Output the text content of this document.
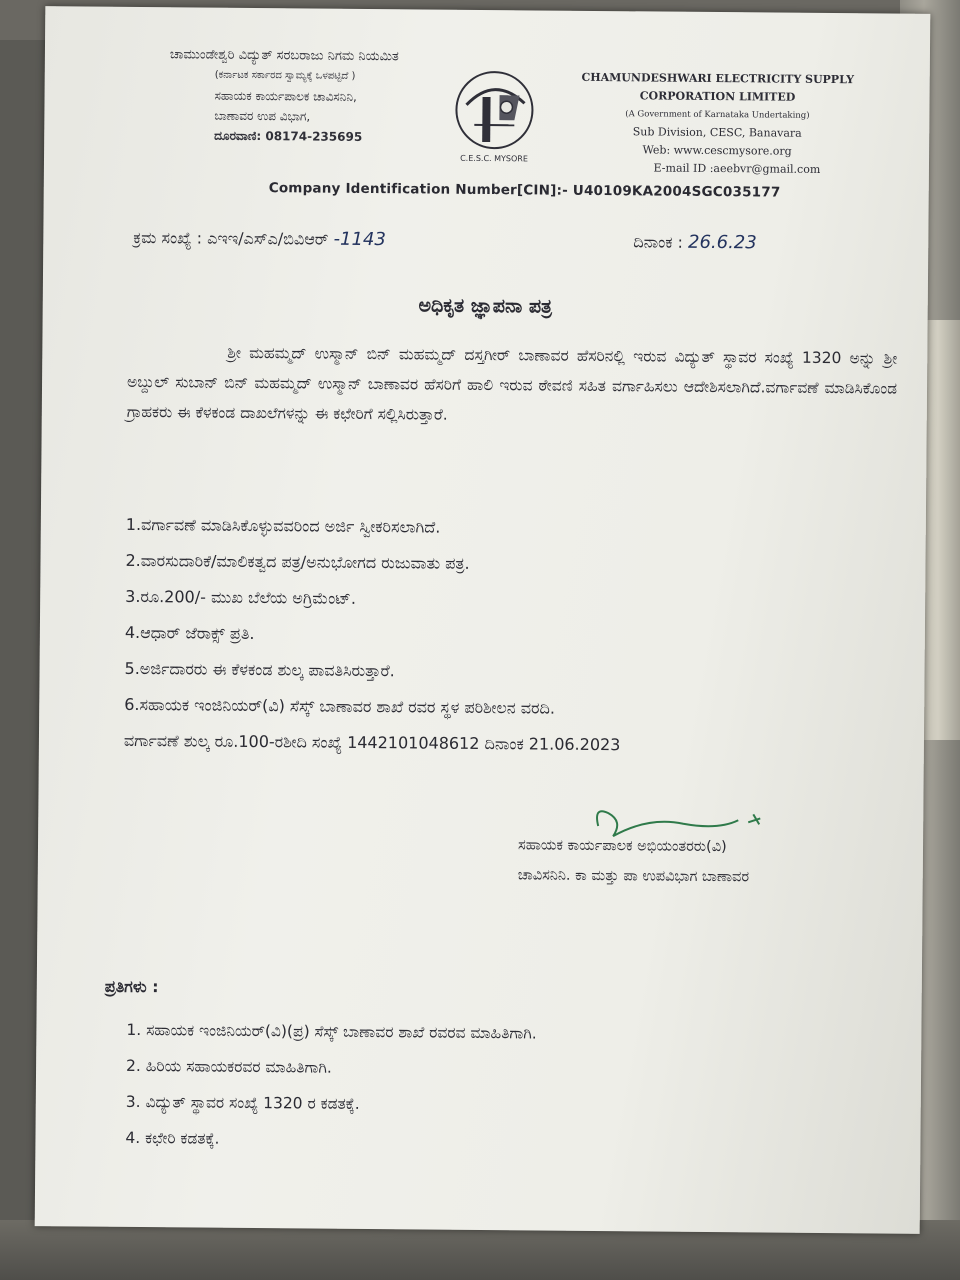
ಚಾಮುಂಡೇಶ್ವರಿ ವಿದ್ಯುತ್ ಸರಬರಾಜು ನಿಗಮ ನಿಯಮಿತ
(ಕರ್ನಾಟಕ ಸರ್ಕಾರದ ಸ್ವಾಮ್ಯಕ್ಕೆ ಒಳಪಟ್ಟಿದೆ )
ಸಹಾಯಕ ಕಾರ್ಯಪಾಲಕ ಚಾವಿಸನಿನಿ,
ಬಾಣಾವರ ಉಪ ವಿಭಾಗ,
ದೂರವಾಣಿ: 08174-235695
C.E.S.C. MYSORE
CHAMUNDESHWARI ELECTRICITY SUPPLY
CORPORATION LIMITED
(A Government of Karnataka Undertaking)
Sub Division, CESC, Banavara
Web: www.cescmysore.org
E-mail ID :aeebvr@gmail.com
Company Identification Number[CIN]:- U40109KA2004SGC035177
ಕ್ರಮ ಸಂಖ್ಯೆ : ಎಇಇ/ಎಸ್ಎ/ಬಿವಿಆರ್ -1143	ದಿನಾಂಕ : 26.6.23
ಅಧಿಕೃತ ಜ್ಞಾಪನಾ ಪತ್ರ
ಶ್ರೀ ಮಹಮ್ಮದ್ ಉಸ್ಮಾನ್ ಬಿನ್ ಮಹಮ್ಮದ್ ದಸ್ತಗೀರ್ ಬಾಣಾವರ ಹೆಸರಿನಲ್ಲಿ ಇರುವ ವಿದ್ಯುತ್ ಸ್ಥಾವರ ಸಂಖ್ಯೆ 1320 ಅನ್ನು ಶ್ರೀ ಅಬ್ದುಲ್ ಸುಬಾನ್ ಬಿನ್ ಮಹಮ್ಮದ್ ಉಸ್ಮಾನ್ ಬಾಣಾವರ ಹೆಸರಿಗೆ ಹಾಲಿ ಇರುವ ಠೇವಣಿ ಸಹಿತ ವರ್ಗಾಹಿಸಲು ಆದೇಶಿಸಲಾಗಿದೆ.ವರ್ಗಾವಣೆ ಮಾಡಿಸಿಕೊಂಡ ಗ್ರಾಹಕರು ಈ ಕೆಳಕಂಡ ದಾಖಲೆಗಳನ್ನು ಈ ಕಛೇರಿಗೆ ಸಲ್ಲಿಸಿರುತ್ತಾರೆ.
1.ವರ್ಗಾವಣೆ ಮಾಡಿಸಿಕೊಳ್ಳುವವರಿಂದ ಅರ್ಜಿ ಸ್ವೀಕರಿಸಲಾಗಿದೆ.
2.ವಾರಸುದಾರಿಕೆ/ಮಾಲಿಕತ್ವದ ಪತ್ರ/ಅನುಭೋಗದ ರುಜುವಾತು ಪತ್ರ.
3.ರೂ.200/- ಮುಖ ಬೆಲೆಯ ಅಗ್ರಿಮೆಂಟ್.
4.ಆಧಾರ್ ಜೆರಾಕ್ಸ್ ಪ್ರತಿ.
5.ಅರ್ಜಿದಾರರು ಈ ಕೆಳಕಂಡ ಶುಲ್ಕ ಪಾವತಿಸಿರುತ್ತಾರೆ.
6.ಸಹಾಯಕ ಇಂಜಿನಿಯರ್(ವಿ) ಸೆಸ್ಕ್ ಬಾಣಾವರ ಶಾಖೆ ರವರ ಸ್ಥಳ ಪರಿಶೀಲನ ವರದಿ.
ವರ್ಗಾವಣೆ ಶುಲ್ಕ ರೂ.100-ರಶೀದಿ ಸಂಖ್ಯೆ 1442101048612 ದಿನಾಂಕ 21.06.2023
ಸಹಾಯಕ ಕಾರ್ಯಪಾಲಕ ಅಭಿಯಂತರರು(ವಿ)
ಚಾವಿಸನಿನಿ. ಕಾ ಮತ್ತು ಪಾ ಉಪವಿಭಾಗ ಬಾಣಾವರ
ಪ್ರತಿಗಳು :
1. ಸಹಾಯಕ ಇಂಜಿನಿಯರ್(ವಿ)(ಪ್ರ) ಸೆಸ್ಕ್ ಬಾಣಾವರ ಶಾಖೆ ರವರವ ಮಾಹಿತಿಗಾಗಿ.
2. ಹಿರಿಯ ಸಹಾಯಕರವರ ಮಾಹಿತಿಗಾಗಿ.
3. ವಿದ್ಯುತ್ ಸ್ಥಾವರ ಸಂಖ್ಯೆ 1320 ರ ಕಡತಕ್ಕೆ.
4. ಕಛೇರಿ ಕಡತಕ್ಕೆ.
